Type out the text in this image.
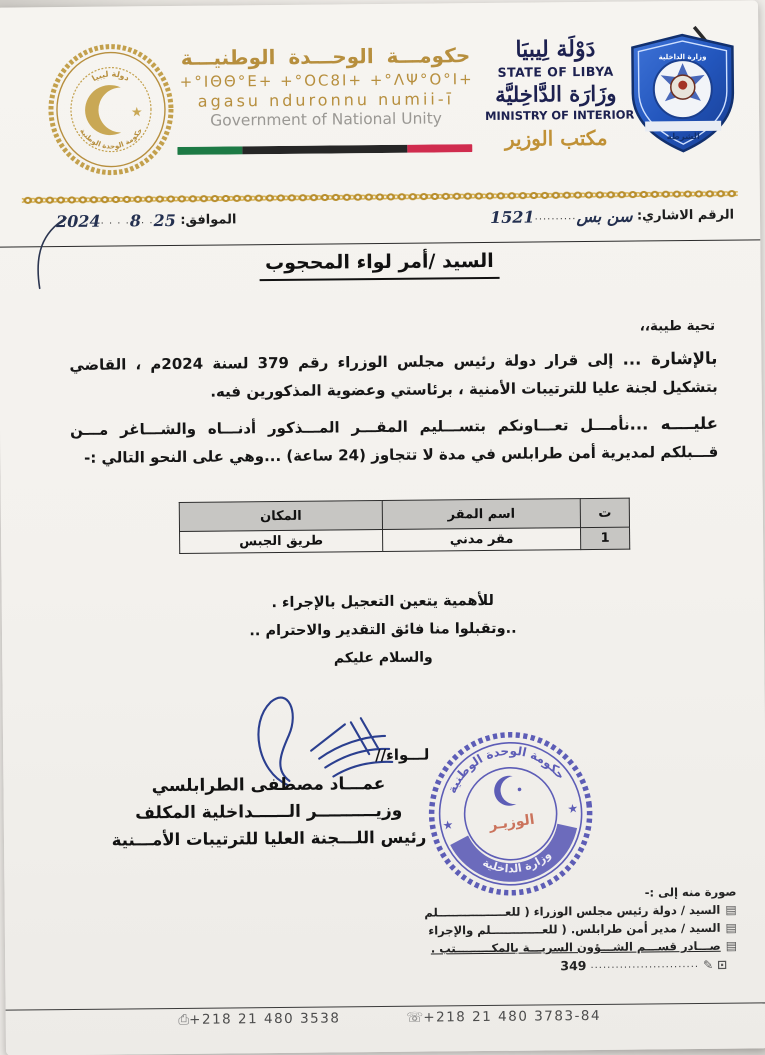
★
دولة ليبيا
حكومة الوحدة الوطنية
حكومـــة الوحـــدة الوطنيـــة
+°ΙΘΘ°Ε+ +°ΟC8Ι+ +°ΛΨ°Ο°Ι+
agasu nduronnu numii-ī
Government of National Unity
دَوْلَة لِيبيَا
STATE OF LIBYA
وزَارَة الدَّاخِليَّة
MINISTRY OF INTERIOR
مكتب الوزير
وزارة الداخلية
الشرطة
الرقم الاشاري:

سن بس
..........
1521
الموافق:

25
. .
8
. . . .
2024
السيد /أمر لواء المحجوب
تحية طيبة،،

بالإشارة ... إلى قرار دولة رئيس مجلس الوزراء رقم 379 لسنة 2024م ، القاضي بتشكيل لجنة عليا للترتيبات الأمنية ، برئاستي وعضوية المذكورين فيه.

عليــــه ...نأمـــل تعـــاونكم بتســـليم المقـــر المـــذكور أدنـــاه والشـــاغر مـــن قـــبلكم لمديرية أمن طرابلس في مدة لا تتجاوز (24 ساعة) ...وهي على النحو التالي :-

ت	اسم المقر	المكان
1	مقر مدني	طريق الجبس
للأهمية يتعين التعجيل بالإجراء .
..وتقبلوا منا فائق التقدير والاحترام ..
والسلام عليكم
لـــواء//
عمـــاد مصطفى الطرابلسي
وزيــــــــــر الــــــداخلية المكلف
رئيس اللـــجنة العليا للترتيبات الأمـــنية
حكومة الوحدة الوطنية
وزارة الداخلية
الوزيـر
★
★
صورة منه إلى :-
▤
السيد / دولة رئيس مجلس الوزراء ( للعـــــــــــــــــلم
▤
السيد / مدير أمن طرابلس. ( للعـــــــــــــلم والإجراء
▤
صـــادر قســـم الشـــؤون السريـــة بالمكـــــــــتب .
⊡
✎
..........................
349
⎙ +218 21 480 3538	☏ +218 21 480 3783-84
